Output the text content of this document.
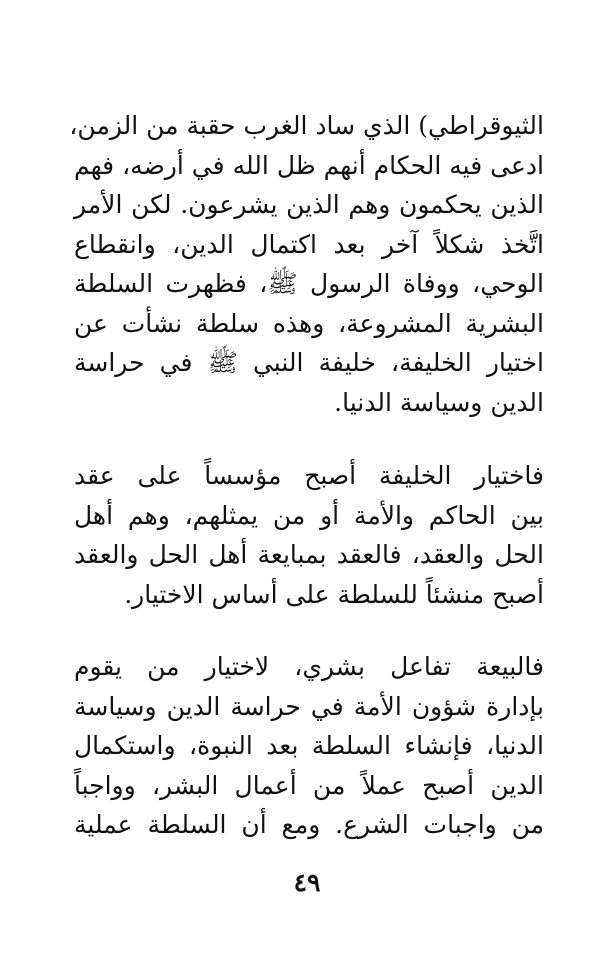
الثيوقراطي) الذي ساد الغرب حقبة من الزمن،
ادعى فيه الحكام أنهم ظل الله في أرضه، فهم
الذين يحكمون وهم الذين يشرعون. لكن الأمر
اتَّخذ شكلاً آخر بعد اكتمال الدين، وانقطاع
الوحي، ووفاة الرسول ﷺ، فظهرت السلطة
البشرية المشروعة، وهذه سلطة نشأت عن
اختيار الخليفة، خليفة النبي ﷺ في حراسة
الدين وسياسة الدنيا.
فاختيار الخليفة أصبح مؤسساً على عقد
بين الحاكم والأمة أو من يمثلهم، وهم أهل
الحل والعقد، فالعقد بمبايعة أهل الحل والعقد
أصبح منشئاً للسلطة على أساس الاختيار.
فالبيعة تفاعل بشري، لاختيار من يقوم
بإدارة شؤون الأمة في حراسة الدين وسياسة
الدنيا، فإنشاء السلطة بعد النبوة، واستكمال
الدين أصبح عملاً من أعمال البشر، وواجباً
من واجبات الشرع. ومع أن السلطة عملية
٤٩
